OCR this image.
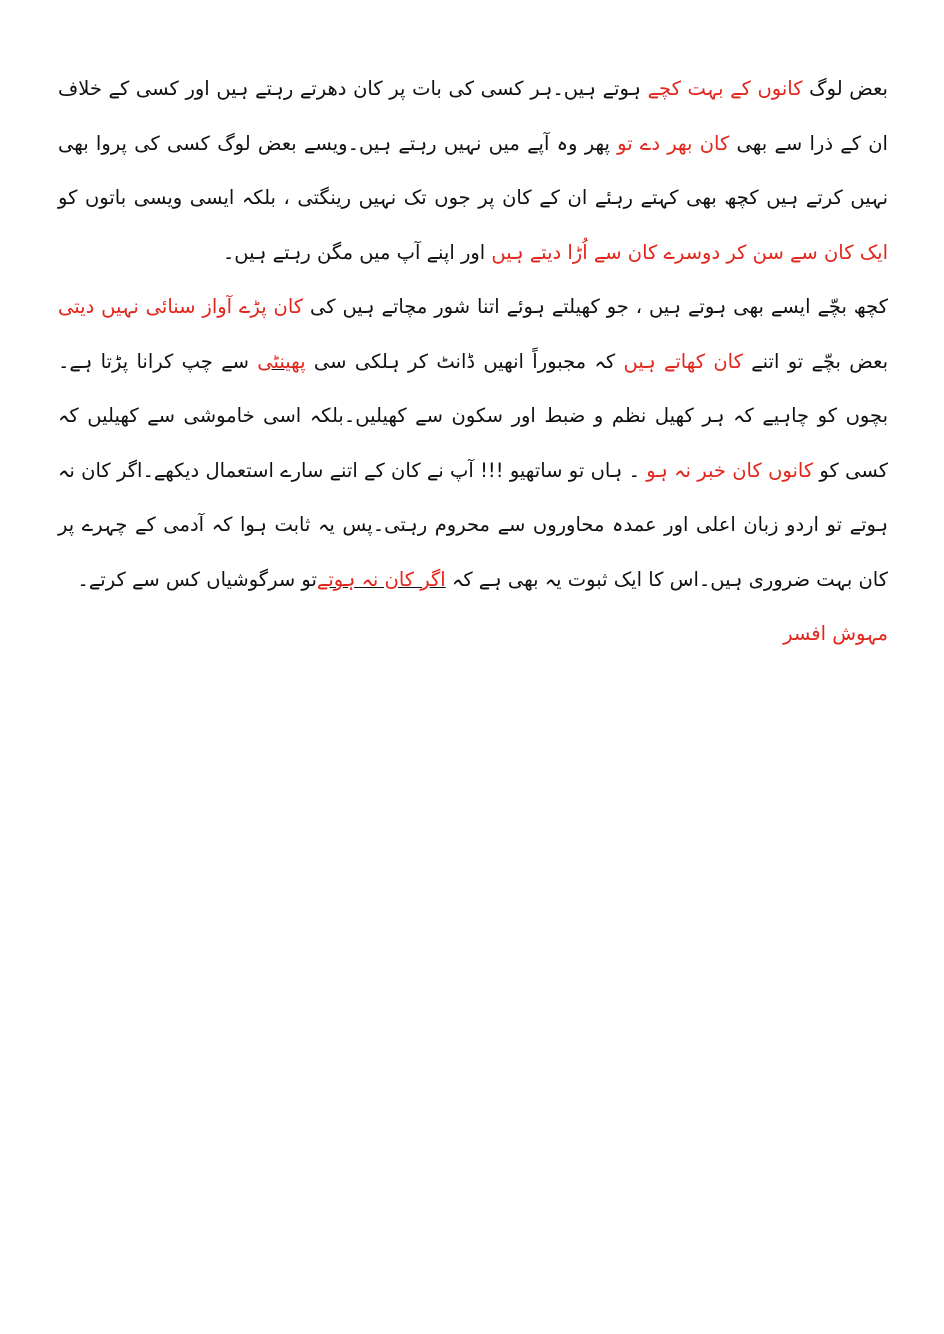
بعض لوگ کانوں کے بہت کچے ہوتے ہیں۔ہر کسی کی بات پر کان دھرتے رہتے ہیں اور کسی کے خلاف ان کے ذرا سے بھی کان بھر دے تو پھر وہ آپے میں نہیں رہتے ہیں۔ویسے بعض لوگ کسی کی پروا بھی نہیں کرتے ہیں کچھ بھی کہتے رہئے ان کے کان پر جوں تک نہیں رینگتی ، بلکہ ایسی ویسی باتوں کو ایک کان سے سن کر دوسرے کان سے اُڑا دیتے ہیں اور اپنے آپ میں مگن رہتے ہیں۔

کچھ بچّے ایسے بھی ہوتے ہیں ، جو کھیلتے ہوئے اتنا شور مچاتے ہیں کی کان پڑے آواز سنائی نہیں دیتی بعض بچّے تو اتنے کان کھاتے ہیں کہ مجبوراً انھیں ڈانٹ کر ہلکی سی پھینٹی سے چپ کرانا پڑتا ہے۔بچوں کو چاہیے کہ ہر کھیل نظم و ضبط اور سکون سے کھیلیں۔بلکہ اسی خاموشی سے کھیلیں کہ کسی کو کانوں کان خبر نہ ہو ۔ ہاں تو ساتھیو !!! آپ نے کان کے اتنے سارے استعمال دیکھے۔اگر کان نہ ہوتے تو اردو زبان اعلی اور عمدہ محاوروں سے محروم رہتی۔پس یہ ثابت ہوا کہ آدمی کے چہرے پر کان بہت ضروری ہیں۔اس کا ایک ثبوت یہ بھی ہے کہ اگر کان نہ ہوتےتو سرگوشیاں کس سے کرتے۔

مہوش افسر
